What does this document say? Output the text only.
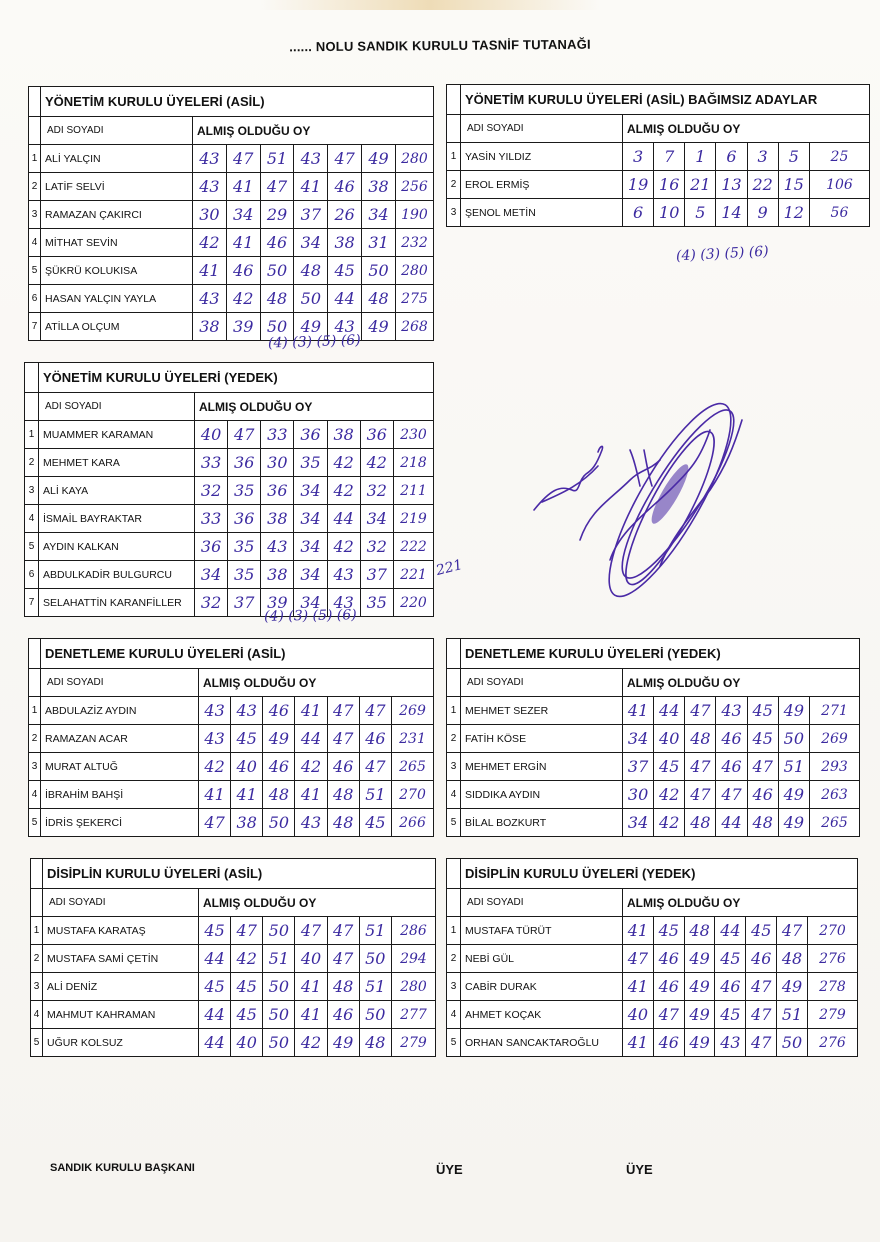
...... NOLU SANDIK KURULU TASNİF TUTANAĞI
	YÖNETİM KURULU ÜYELERİ (ASİL)							
	ADI SOYADI	ALMIŞ OLDUĞU OY						
1	ALİ YALÇIN	43	47	51	43	47	49	280
2	LATİF SELVİ	43	41	47	41	46	38	256
3	RAMAZAN ÇAKIRCI	30	34	29	37	26	34	190
4	MİTHAT SEVİN	42	41	46	34	38	31	232
5	ŞÜKRÜ KOLUKISA	41	46	50	48	45	50	280
6	HASAN YALÇIN YAYLA	43	42	48	50	44	48	275
7	ATİLLA OLÇUM	38	39	50	49	43	49	268
	YÖNETİM KURULU ÜYELERİ (ASİL) BAĞIMSIZ ADAYLAR							
	ADI SOYADI	ALMIŞ OLDUĞU OY						
1	YASİN YILDIZ	3	7	1	6	3	5	25
2	EROL ERMİŞ	19	16	21	13	22	15	106
3	ŞENOL METİN	6	10	5	14	9	12	56
	YÖNETİM KURULU ÜYELERİ (YEDEK)							
	ADI SOYADI	ALMIŞ OLDUĞU OY						
1	MUAMMER KARAMAN	40	47	33	36	38	36	230
2	MEHMET KARA	33	36	30	35	42	42	218
3	ALİ KAYA	32	35	36	34	42	32	211
4	İSMAİL BAYRAKTAR	33	36	38	34	44	34	219
5	AYDIN KALKAN	36	35	43	34	42	32	222
6	ABDULKADİR BULGURCU	34	35	38	34	43	37	221
7	SELAHATTİN KARANFİLLER	32	37	39	34	43	35	220
	DENETLEME KURULU ÜYELERİ (ASİL)							
	ADI SOYADI	ALMIŞ OLDUĞU OY						
1	ABDULAZİZ AYDIN	43	43	46	41	47	47	269
2	RAMAZAN ACAR	43	45	49	44	47	46	231
3	MURAT ALTUĞ	42	40	46	42	46	47	265
4	İBRAHİM BAHŞİ	41	41	48	41	48	51	270
5	İDRİS ŞEKERCİ	47	38	50	43	48	45	266
	DENETLEME KURULU ÜYELERİ (YEDEK)							
	ADI SOYADI	ALMIŞ OLDUĞU OY						
1	MEHMET SEZER	41	44	47	43	45	49	271
2	FATİH KÖSE	34	40	48	46	45	50	269
3	MEHMET ERGİN	37	45	47	46	47	51	293
4	SIDDIKA AYDIN	30	42	47	47	46	49	263
5	BİLAL BOZKURT	34	42	48	44	48	49	265
	DİSİPLİN KURULU ÜYELERİ (ASİL)							
	ADI SOYADI	ALMIŞ OLDUĞU OY						
1	MUSTAFA KARATAŞ	45	47	50	47	47	51	286
2	MUSTAFA SAMİ ÇETİN	44	42	51	40	47	50	294
3	ALİ DENİZ	45	45	50	41	48	51	280
4	MAHMUT KAHRAMAN	44	45	50	41	46	50	277
5	UĞUR KOLSUZ	44	40	50	42	49	48	279
	DİSİPLİN KURULU ÜYELERİ (YEDEK)							
	ADI SOYADI	ALMIŞ OLDUĞU OY						
1	MUSTAFA TÜRÜT	41	45	48	44	45	47	270
2	NEBİ GÜL	47	46	49	45	46	48	276
3	CABİR DURAK	41	46	49	46	47	49	278
4	AHMET KOÇAK	40	47	49	45	47	51	279
5	ORHAN SANCAKTAROĞLU	41	46	49	43	47	50	276
(4) (3) (5) (6)
(4) (3) (5) (6)
(4) (3) (5) (6)
221
SANDIK KURULU BAŞKANI	ÜYE	ÜYE
